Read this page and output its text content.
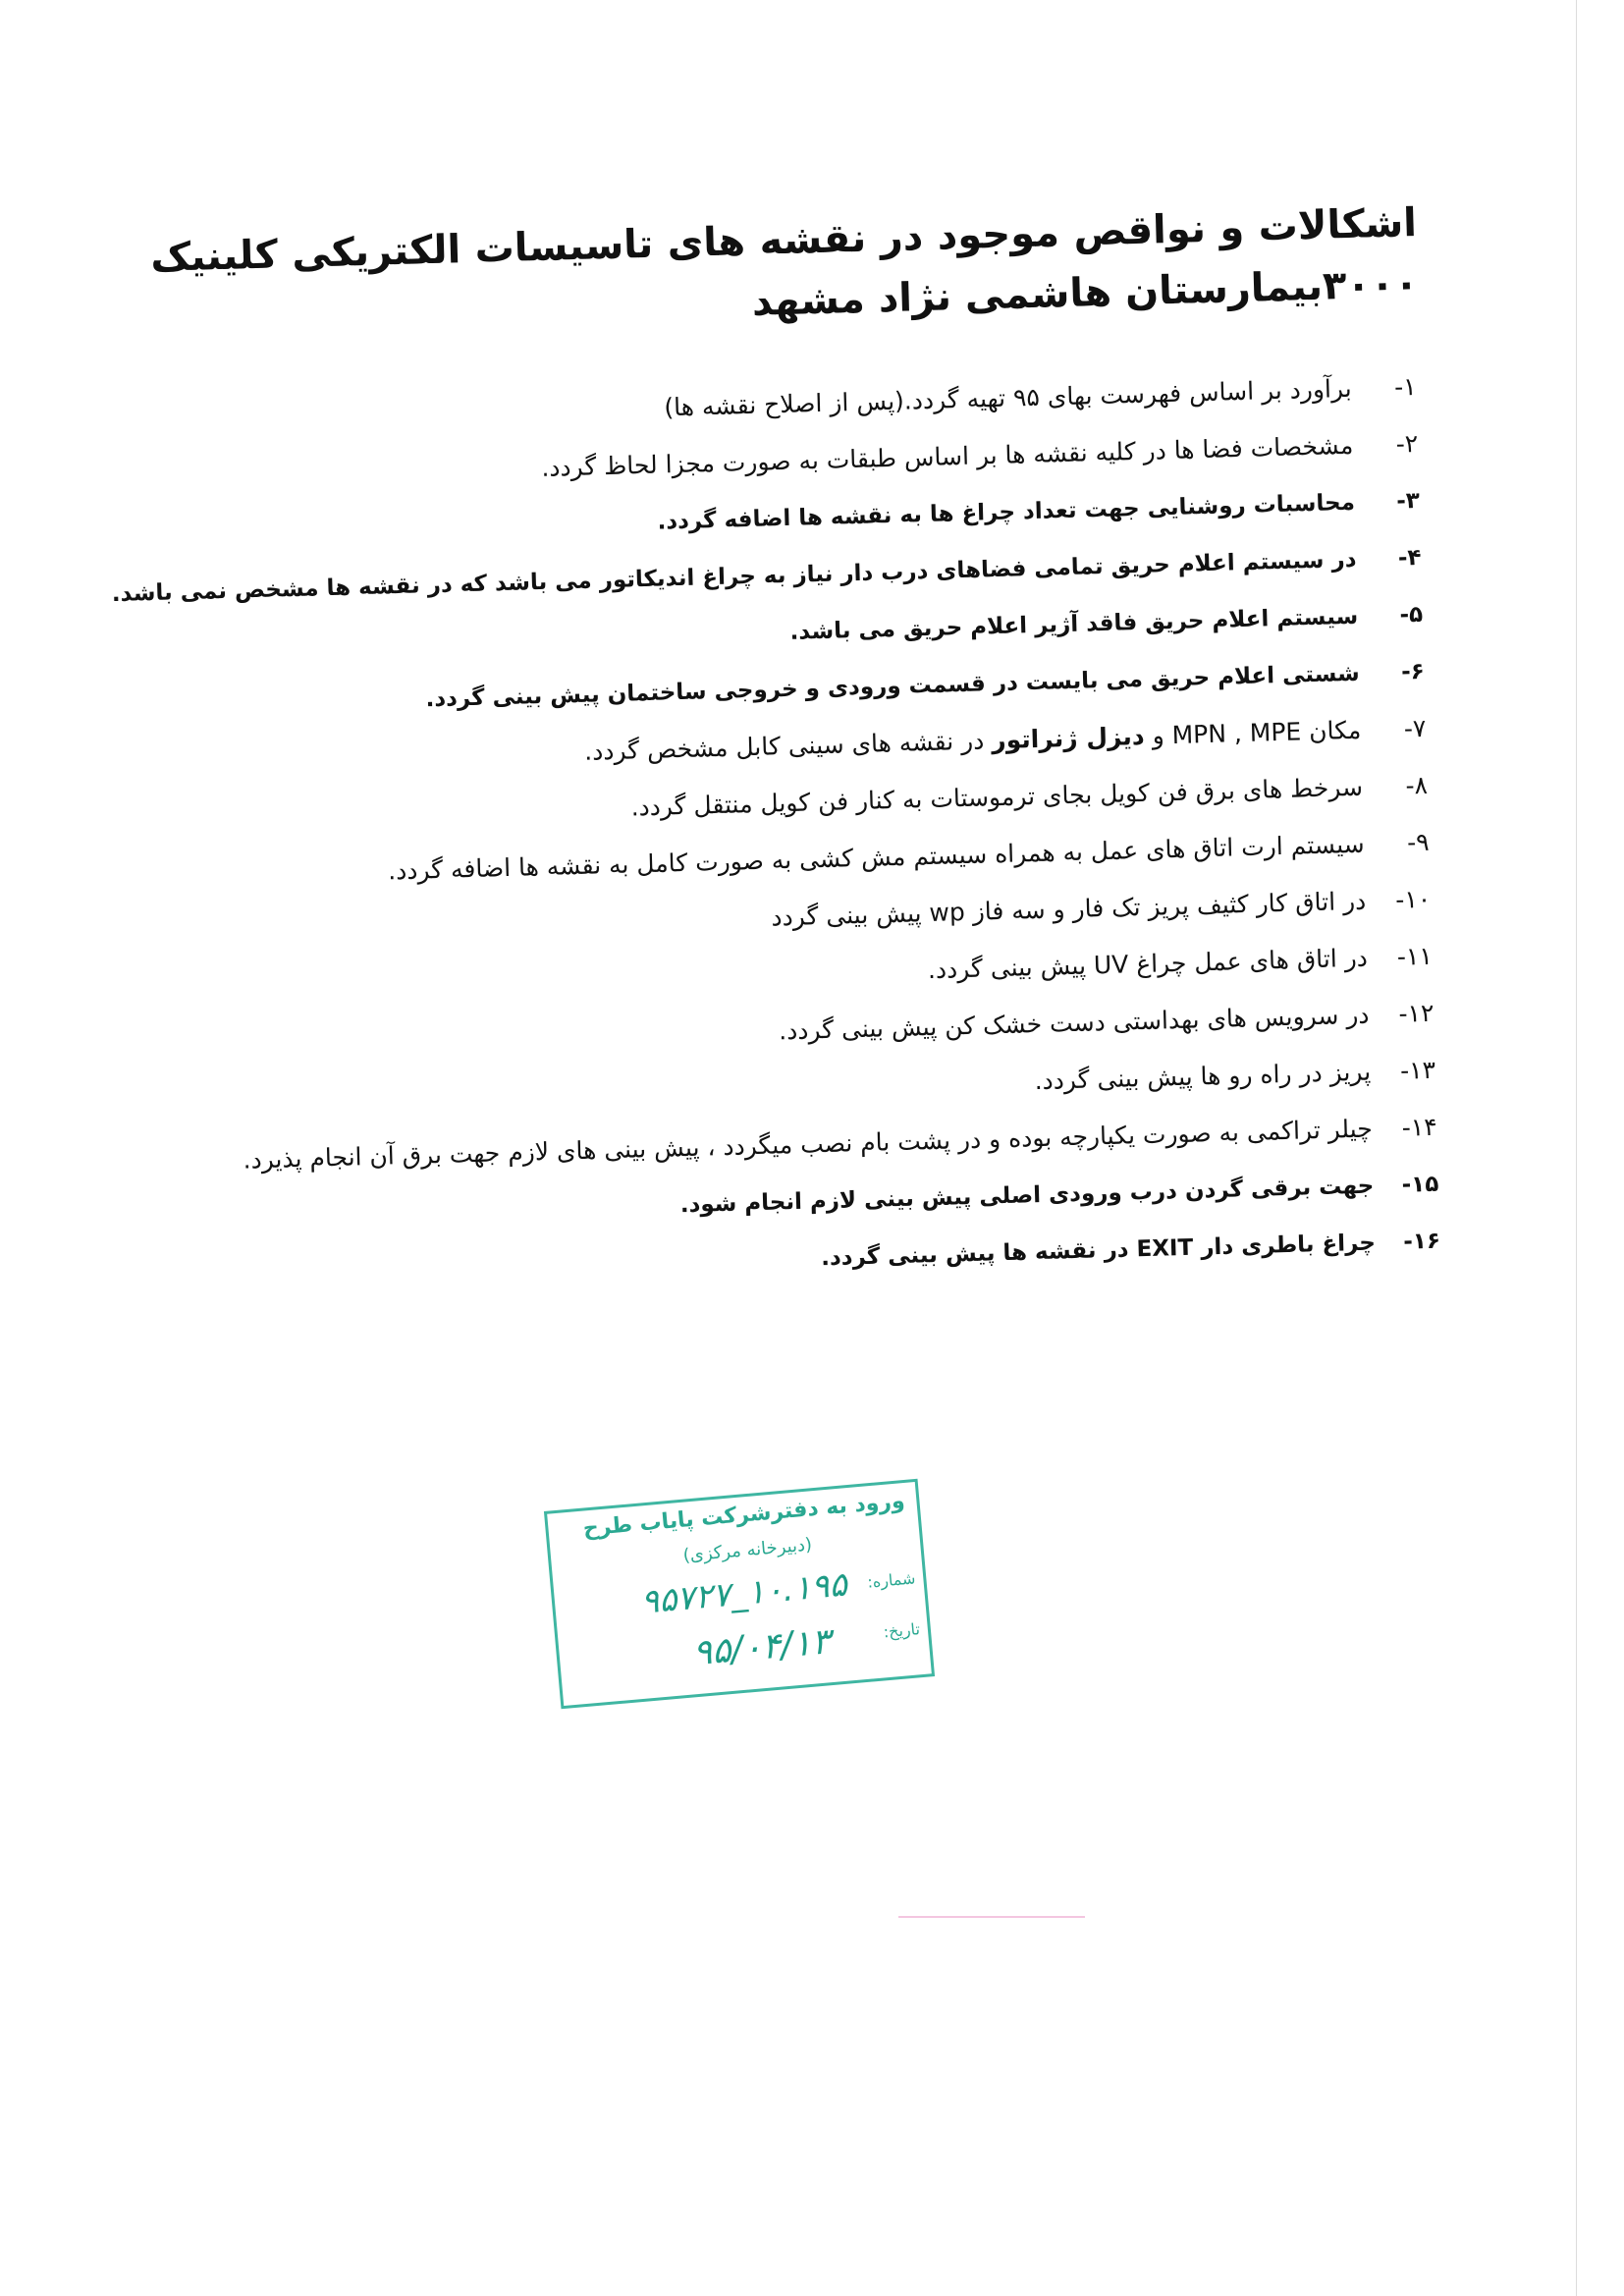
اشکالات و نواقص موجود در نقشه های تاسیسات الکتریکی کلینیک ۳۰۰۰بیمارستان هاشمی نژاد مشهد
۱-
برآورد بر اساس فهرست بهای ۹۵ تهیه گردد.(پس از اصلاح نقشه ها)
۲-
مشخصات فضا ها در کلیه نقشه ها بر اساس طبقات به صورت مجزا لحاظ گردد.
۳-
محاسبات روشنایی جهت تعداد چراغ ها به نقشه ها اضافه گردد.
۴-
در سیستم اعلام حریق تمامی فضاهای درب دار نیاز به چراغ اندیکاتور می باشد که در نقشه ها مشخص نمی باشد.
۵-
سیستم اعلام حریق فاقد آژیر اعلام حریق می باشد.
۶-
شستی اعلام حریق می بایست در قسمت ورودی و خروجی ساختمان پیش بینی گردد.
۷-
مکان MPN , MPE و دیزل ژنراتور در نقشه های سینی کابل مشخص گردد.
۸-
سرخط های برق فن کویل بجای ترموستات به کنار فن کویل منتقل گردد.
۹-
سیستم ارت اتاق های عمل به همراه سیستم مش کشی به صورت کامل به نقشه ها اضافه گردد.
۱۰-
در اتاق کار کثیف پریز تک فار و سه فاز wp پیش بینی گردد
۱۱-
در اتاق های عمل چراغ UV پیش بینی گردد.
۱۲-
در سرویس های بهداستی دست خشک کن پیش بینی گردد.
۱۳-
پریز در راه رو ها پیش بینی گردد.
۱۴-
چیلر تراکمی به صورت یکپارچه بوده و در پشت بام نصب میگردد ، پیش بینی های لازم جهت برق آن انجام پذیرد.
۱۵-
جهت برقی گردن درب ورودی اصلی پیش بینی لازم انجام شود.
۱۶-
چراغ باطری دار EXIT در نقشه ها پیش بینی گردد.
ورود به دفترشرکت پایاب طرح
(دبیرخانه مرکزی)
شماره:
۱۰.۱۹۵_۹۵۷۲۷
تاریخ:
۹۵/۰۴/۱۳
